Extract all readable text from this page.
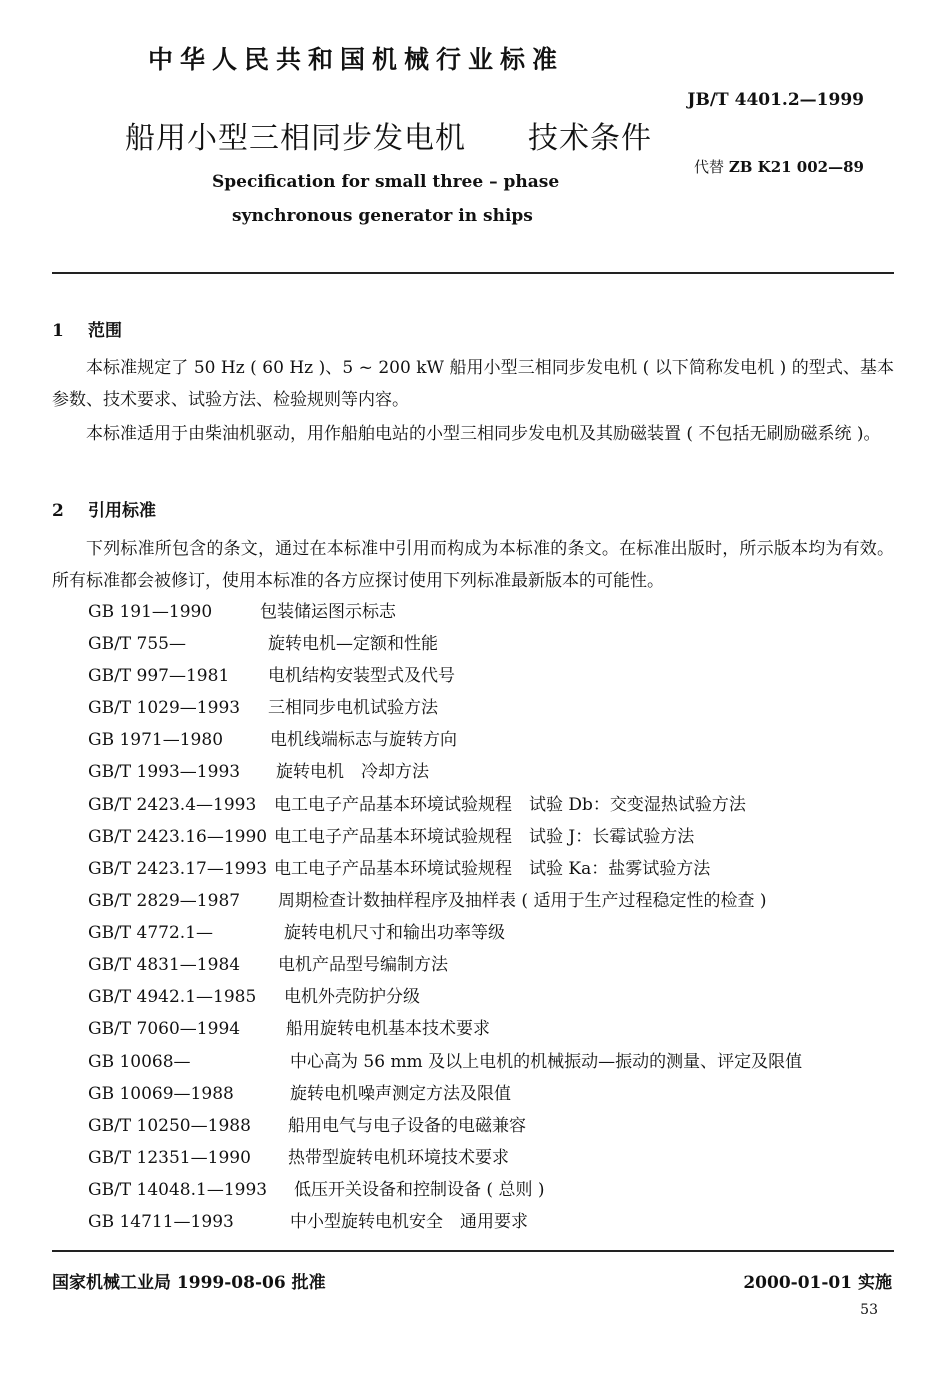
中华人民共和国机械行业标准
JB/T 4401.2—1999
船用小型三相同步发电机　　技术条件
代替 ZB K21 002—89
Specification for small three – phase
synchronous generator in ships
1 范围
本标准规定了 50 Hz ( 60 Hz )、5 ~ 200 kW 船用小型三相同步发电机 ( 以下简称发电机 ) 的型式、基本参数、技术要求、试验方法、检验规则等内容。
本标准适用于由柴油机驱动，用作船舶电站的小型三相同步发电机及其励磁装置 ( 不包括无刷励磁系统 )。
2 引用标准
下列标准所包含的条文，通过在本标准中引用而构成为本标准的条文。在标准出版时，所示版本均为有效。所有标准都会被修订，使用本标准的各方应探讨使用下列标准最新版本的可能性。
GB 191—1990	包装储运图示标志
GB/T 755—	旋转电机—定额和性能
GB/T 997—1981 电机结构安装型式及代号
GB/T 1029—1993 三相同步电机试验方法
GB 1971—1980	电机线端标志与旋转方向
GB/T 1993—1993 旋转电机　冷却方法
GB/T 2423.4—1993 电工电子产品基本环境试验规程　试验 Db：交变湿热试验方法
GB/T 2423.16—1990 电工电子产品基本环境试验规程　试验 J：长霉试验方法
GB/T 2423.17—1993 电工电子产品基本环境试验规程　试验 Ka：盐雾试验方法
GB/T 2829—1987 周期检查计数抽样程序及抽样表 ( 适用于生产过程稳定性的检查 )
GB/T 4772.1—	旋转电机尺寸和输出功率等级
GB/T 4831—1984 电机产品型号编制方法
GB/T 4942.1—1985 电机外壳防护分级
GB/T 7060—1994	船用旋转电机基本技术要求
GB 10068—	中心高为 56 mm 及以上电机的机械振动—振动的测量、评定及限值
GB 10069—1988	旋转电机噪声测定方法及限值
GB/T 10250—1988 船用电气与电子设备的电磁兼容
GB/T 12351—1990 热带型旋转电机环境技术要求
GB/T 14048.1—1993 低压开关设备和控制设备 ( 总则 )
GB 14711—1993	中小型旋转电机安全　通用要求
国家机械工业局 1999-08-06 批准	2000-01-01 实施
53
